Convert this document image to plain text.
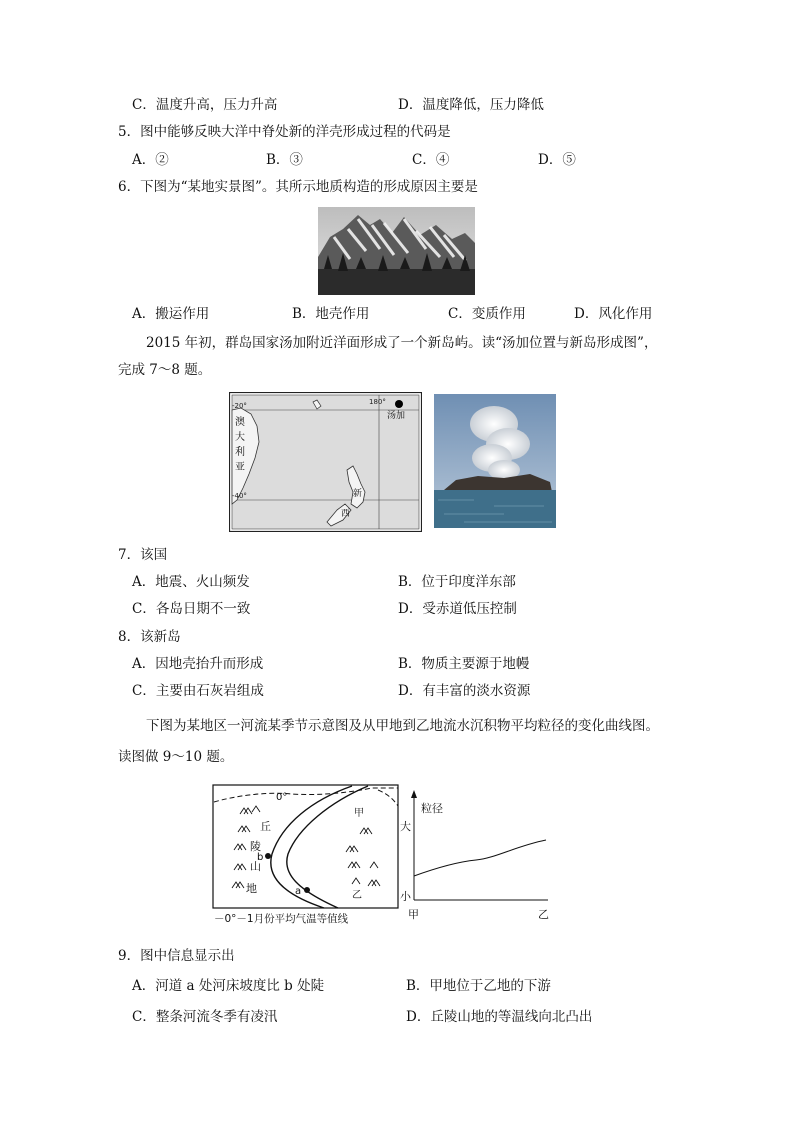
C．温度升高，压力升高	D．温度降低，压力降低
5．图中能够反映大洋中脊处新的洋壳形成过程的代码是
A．②	B．③	C．④	D．⑤
6．下图为“某地实景图”。其所示地质构造的形成原因主要是
A．搬运作用	B．地壳作用	C．变质作用	D．风化作用
2015 年初，群岛国家汤加附近洋面形成了一个新岛屿。读“汤加位置与新岛形成图”，
完成 7～8 题。
-20°
-40°
180°
汤加
澳
大
利
亚
新
西
7．该国
A．地震、火山频发	B．位于印度洋东部
C．各岛日期不一致	D．受赤道低压控制
8．该新岛
A．因地壳抬升而形成	B．物质主要源于地幔
C．主要由石灰岩组成	D．有丰富的淡水资源
下图为某地区一河流某季节示意图及从甲地到乙地流水沉积物平均粒径的变化曲线图。
读图做 9～10 题。
0°
甲
乙
a
b
丘
陵
山
地
－0°－1月份平均气温等值线
粒径
大
小
甲	乙
9．图中信息显示出
A．河道 a 处河床坡度比 b 处陡	B．甲地位于乙地的下游
C．整条河流冬季有凌汛	D．丘陵山地的等温线向北凸出
